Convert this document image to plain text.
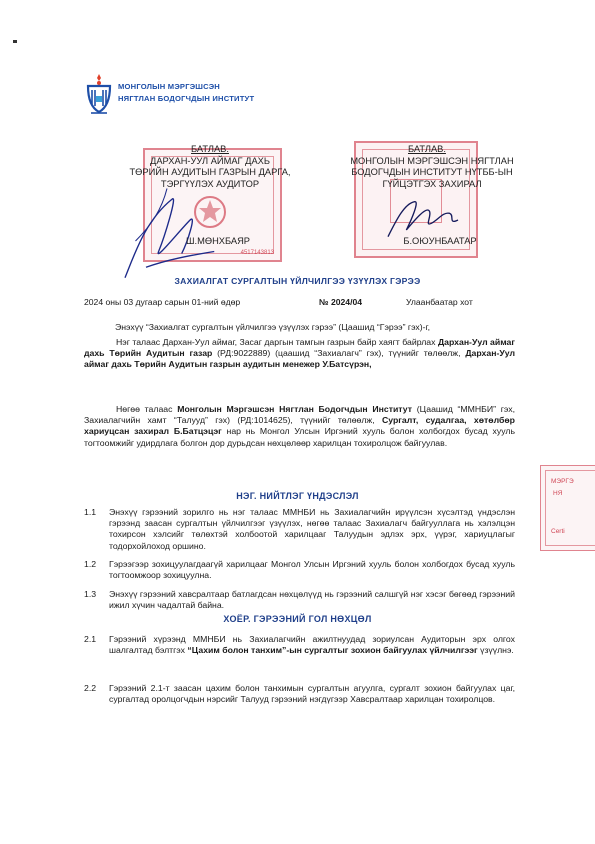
МОНГОЛЫН МЭРГЭШСЭН
НЯГТЛАН БОДОГЧДЫН ИНСТИТУТ
4517143813
БАТЛАВ.
ДАРХАН-УУЛ АЙМАГ ДАХЬ
ТӨРИЙН АУДИТЫН ГАЗРЫН ДАРГА,
ТЭРГҮҮЛЭХ АУДИТОР
Ш.МӨНХБАЯР
БАТЛАВ.
МОНГОЛЫН МЭРГЭШСЭН НЯГТЛАН
БОДОГЧДЫН ИНСТИТУТ НҮТББ-ЫН
ГҮЙЦЭТГЭХ ЗАХИРАЛ
Б.ОЮУНБААТАР
ЗАХИАЛГАТ СУРГАЛТЫН ҮЙЛЧИЛГЭЭ ҮЗҮҮЛЭХ ГЭРЭЭ
2024 оны 03 дугаар сарын 01-ний өдөр	№ 2024/04	Улаанбаатар хот
Энэхүү “Захиалгат сургалтын үйлчилгээ үзүүлэх гэрээ” (Цаашид “Гэрээ” гэх)-г,
Нэг талаас Дархан-Уул аймаг, Засаг даргын тамгын газрын байр хаягт байрлах Дархан-Уул аймаг дахь Төрийн Аудитын газар (РД:9022889) (цаашид “Захиалагч” гэх), түүнийг төлөөлж, Дархан-Уул аймаг дахь Төрийн Аудитын газрын аудитын менежер У.Батсүрэн,
Нөгөө талаас Монголын Мэргэшсэн Нягтлан Бодогчдын Институт (Цаашид “ММНБИ” гэх, Захиалагчийн хамт “Талууд” гэх) (РД:1014625), түүнийг төлөөлж, Сургалт, судалгаа, хөтөлбөр хариуцсан захирал Б.Батцэцэг нар нь Монгол Улсын Иргэний хууль болон холбогдох бусад хууль тогтоомжийг удирдлага болгон дор дурьдсан нөхцөлөөр харилцан тохиролцож байгуулав.
МЭРГЭ
НЯ
Certi
НЭГ. НИЙТЛЭГ ҮНДЭСЛЭЛ
1.1 Энэхүү гэрээний зорилго нь нэг талаас ММНБИ нь Захиалагчийн ирүүлсэн хүсэлтэд үндэслэн гэрээнд заасан сургалтын үйлчилгээг үзүүлэх, нөгөө талаас Захиалагч байгууллага нь хэлэлцэн тохирсон хэлсийг төлөхтэй холбоотой харилцааг Талуудын эдлэх эрх, үүрэг, хариуцлагыг тодорхойлоход оршино.
1.2 Гэрээгээр зохицуулагдаагүй харилцааг Монгол Улсын Иргэний хууль болон холбогдох бусад хууль тогтоомжоор зохицуулна.
1.3 Энэхүү гэрээний хавсралтаар батлагдсан нөхцөлүүд нь гэрээний салшгүй нэг хэсэг бөгөөд гэрээний ижил хүчин чадалтай байна.
ХОЁР. ГЭРЭЭНИЙ ГОЛ НӨХЦӨЛ
2.1 Гэрээний хүрээнд ММНБИ нь Захиалагчийн ажилтнуудад зориулсан Аудиторын эрх олгох шалгалтад бэлтгэх “Цахим болон танхим”-ын сургалтыг зохион байгуулах үйлчилгээг үзүүлнэ.
2.2 Гэрээний 2.1-т заасан цахим болон танхимын сургалтын агуулга, сургалт зохион байгуулах цаг, сургалтад оролцогчдын нэрсийг Талууд гэрээний нэгдүгээр Хавсралтаар харилцан тохиролцов.
